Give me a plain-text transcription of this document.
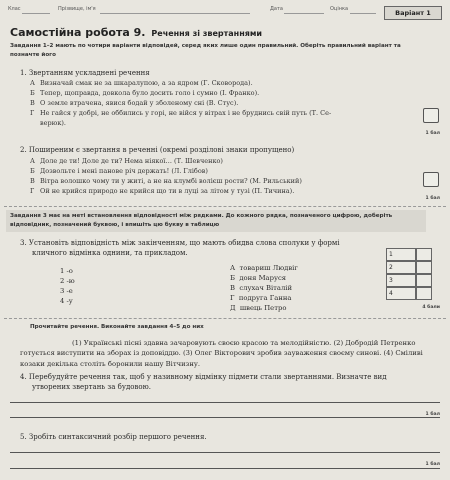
Клас	Прізвище, ім'я	Дата	Оцінка	Варіант 1
Самостійна робота 9. Речення зі звертаннями
Завдання 1–2 мають по чотири варіанти відповідей, серед яких лише один правильний. Оберіть правильний варіант та позначте його
1. Звертанням ускладнені речення
А Визначай смак не за шкаралупою, а за ядром (Г. Сковорода).
Б Тепер, щоправда, довкола було досить голо і сумно (І. Франко).
В О земле втрачена, явися бодай у зболеному сні (В. Стус).
Г Не гайся у добрі, не оббились у горі, не війся у вітрах і не бруднись свій путь (Т. Се-
верюк).
1 бал
2. Поширеним є звертання в реченні (окремі розділові знаки пропущено)
А Доле де ти! Доле де ти? Нема ніякої… (Т. Шевченко)
Б Дозвольте і мені панове річ держать! (Л. Глібов)
В Вітра волошко чому ти у житі, а не на клумбі волієш рости? (М. Рильський)
Г Ой не крийся природо не крийся що ти в луці за літом у тузі (П. Тичина).
1 бал
Завдання 3 має на меті встановлення відповідності між рядками. До кожного рядка, позначеного цифрою, доберіть відповідник, позначений буквою, і впишіть цю букву в таблицю
3. Установіть відповідність між закінченням, що мають обидва слова сполуки у формі
кличного відмінка однини, та прикладом.
1 -о
2 -ю
3 -е
4 -у
А товариш Людвіг
Б доня Маруся
В слухач Віталій
Г подруга Ганна
Д швець Петро
1
2
3
4
4 бали
Прочитайте речення. Виконайте завдання 4–5 до них
(1) Українські пісні здавна зачаровують своєю красою та мелодійністю. (2) Добродій Петренко готується виступити на зборах із доповіддю. (3) Олег Вікторович зробив зауваження своєму синові. (4) Сміливі козаки декілька століть боронили нашу Вітчизну.
4. Перебудуйте речення так, щоб у називному відмінку підмети стали звертаннями. Визначте вид
утворених звертань за будовою.
1 бал
5. Зробіть синтаксичний розбір першого речення.
1 бал
